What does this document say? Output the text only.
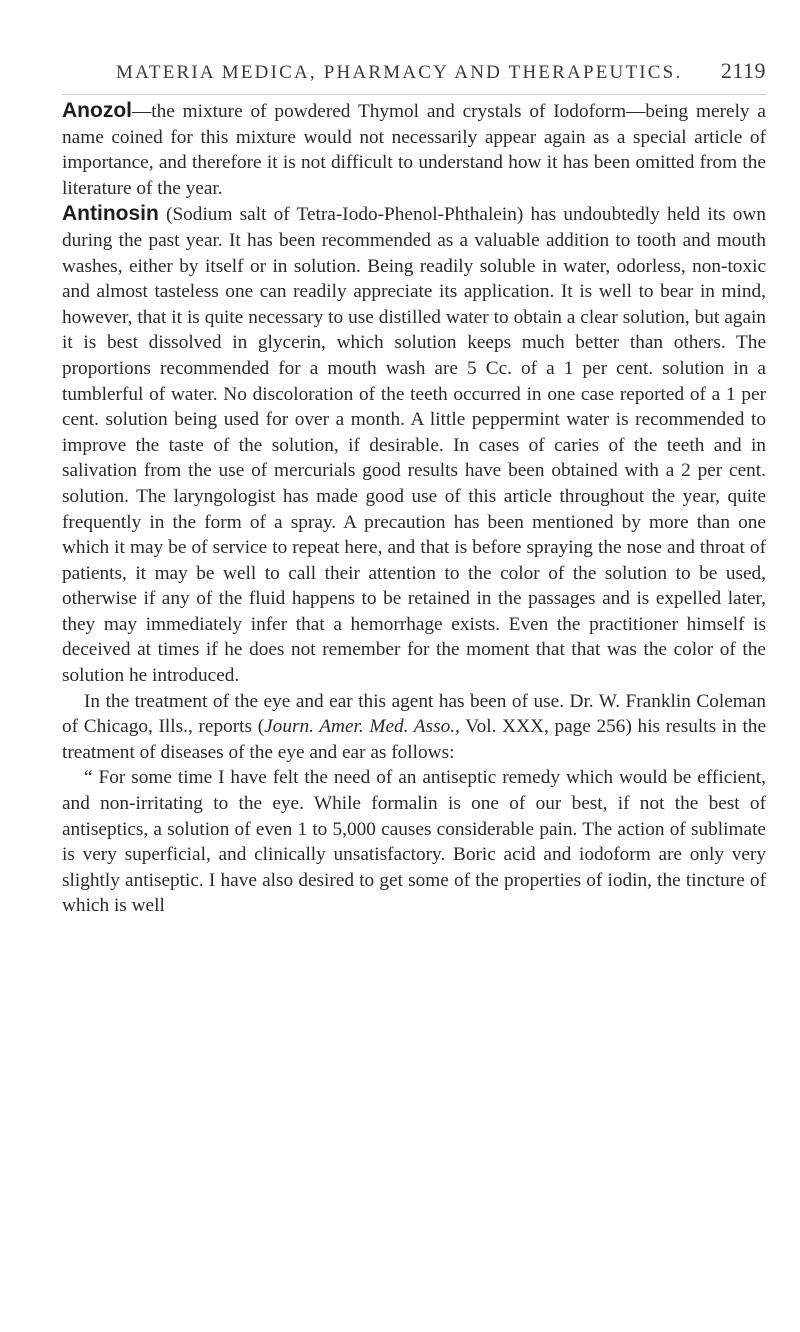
MATERIA MEDICA, PHARMACY AND THERAPEUTICS. 2119

Anozol—the mixture of powdered Thymol and crystals of Iodoform—being merely a name coined for this mixture would not necessarily appear again as a special article of importance, and therefore it is not difficult to understand how it has been omitted from the literature of the year.

Antinosin (Sodium salt of Tetra-Iodo-Phenol-Phthalein) has undoubtedly held its own during the past year. It has been recommended as a valuable addition to tooth and mouth washes, either by itself or in solution. Being readily soluble in water, odorless, non-toxic and almost tasteless one can readily appreciate its application. It is well to bear in mind, however, that it is quite necessary to use distilled water to obtain a clear solution, but again it is best dissolved in glycerin, which solution keeps much better than others. The proportions recommended for a mouth wash are 5 Cc. of a 1 per cent. solution in a tumblerful of water. No discoloration of the teeth occurred in one case reported of a 1 per cent. solution being used for over a month. A little peppermint water is recommended to improve the taste of the solution, if desirable. In cases of caries of the teeth and in salivation from the use of mercurials good results have been obtained with a 2 per cent. solution. The laryngologist has made good use of this article throughout the year, quite frequently in the form of a spray. A precaution has been mentioned by more than one which it may be of service to repeat here, and that is before spraying the nose and throat of patients, it may be well to call their attention to the color of the solution to be used, otherwise if any of the fluid happens to be retained in the passages and is expelled later, they may immediately infer that a hemorrhage exists. Even the practitioner himself is deceived at times if he does not remember for the moment that that was the color of the solution he introduced.

In the treatment of the eye and ear this agent has been of use. Dr. W. Franklin Coleman of Chicago, Ills., reports (Journ. Amer. Med. Asso., Vol. XXX, page 256) his results in the treatment of diseases of the eye and ear as follows:

“ For some time I have felt the need of an antiseptic remedy which would be efficient, and non-irritating to the eye. While formalin is one of our best, if not the best of antiseptics, a solution of even 1 to 5,000 causes considerable pain. The action of sublimate is very superficial, and clinically unsatisfactory. Boric acid and iodoform are only very slightly antiseptic. I have also desired to get some of the properties of iodin, the tincture of which is well
